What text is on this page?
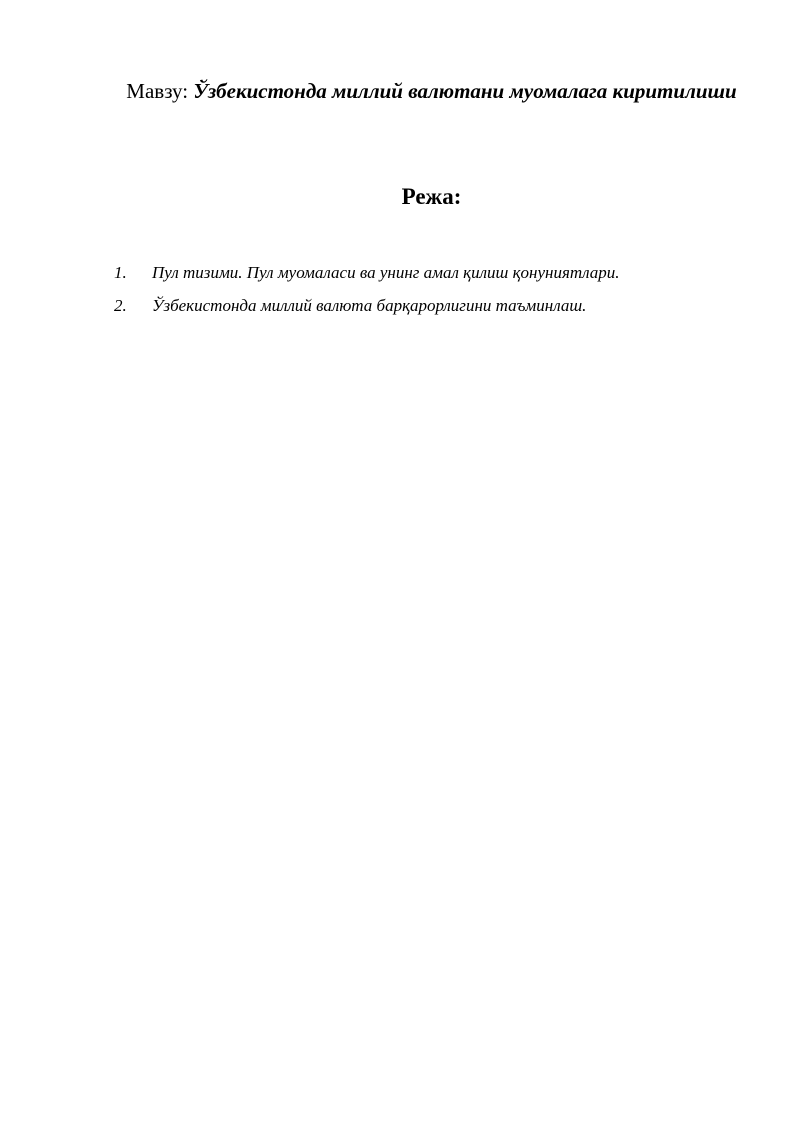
Мавзу: Ўзбекистонда миллий валютани муомалага киритилиши
Режа:
1. Пул тизими. Пул муомаласи ва унинг амал қилиш қонуниятлари.
2. Ўзбекистонда миллий валюта барқарорлигини таъминлаш.
